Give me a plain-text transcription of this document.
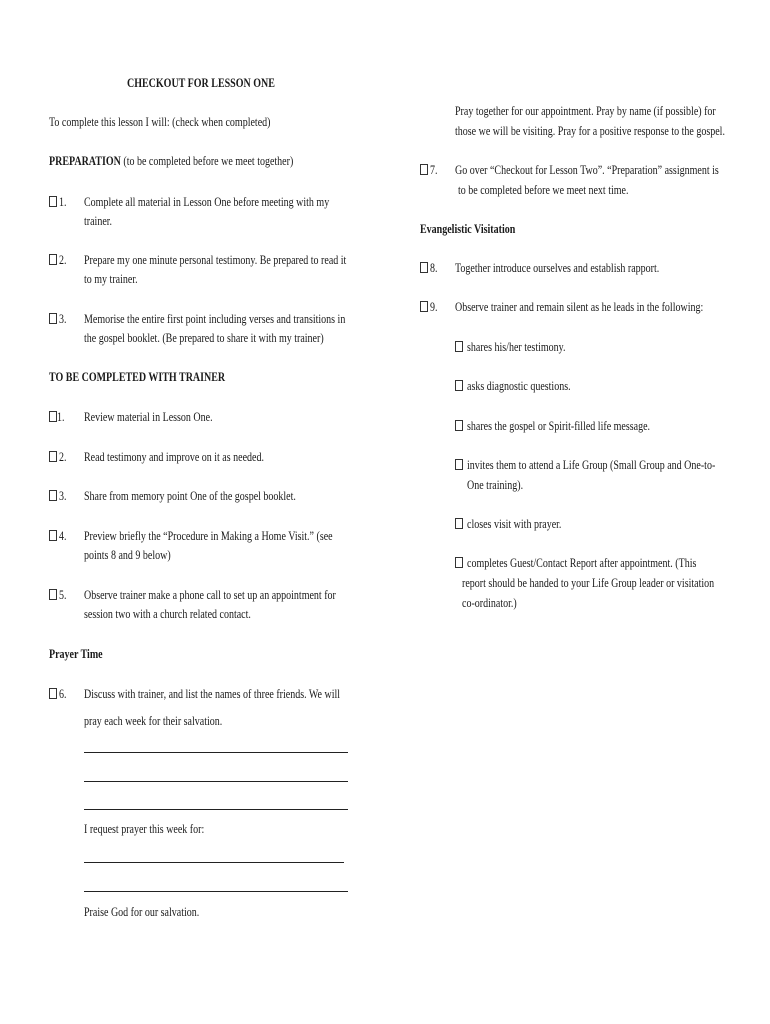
CHECKOUT FOR LESSON ONE

To complete this lesson I will: (check when completed)

PREPARATION (to be completed before we meet together)

1. Complete all material in Lesson One before meeting with my

trainer.

2. Prepare my one minute personal testimony. Be prepared to read it

to my trainer.

3. Memorise the entire first point including verses and transitions in

the gospel booklet. (Be prepared to share it with my trainer)

TO BE COMPLETED WITH TRAINER

1. Review material in Lesson One.

2. Read testimony and improve on it as needed.

3. Share from memory point One of the gospel booklet.

4. Preview briefly the “Procedure in Making a Home Visit.” (see

points 8 and 9 below)

5. Observe trainer make a phone call to set up an appointment for

session two with a church related contact.

Prayer Time

6. Discuss with trainer, and list the names of three friends. We will

pray each week for their salvation.

I request prayer this week for:

Praise God for our salvation.

Pray together for our appointment. Pray by name (if possible) for

those we will be visiting. Pray for a positive response to the gospel.

7. Go over “Checkout for Lesson Two”. “Preparation” assignment is

to be completed before we meet next time.

Evangelistic Visitation

8. Together introduce ourselves and establish rapport.

9. Observe trainer and remain silent as he leads in the following:

shares his/her testimony.

asks diagnostic questions.

shares the gospel or Spirit-filled life message.

invites them to attend a Life Group (Small Group and One-to-

One training).

closes visit with prayer.

completes Guest/Contact Report after appointment. (This

report should be handed to your Life Group leader or visitation

co-ordinator.)
